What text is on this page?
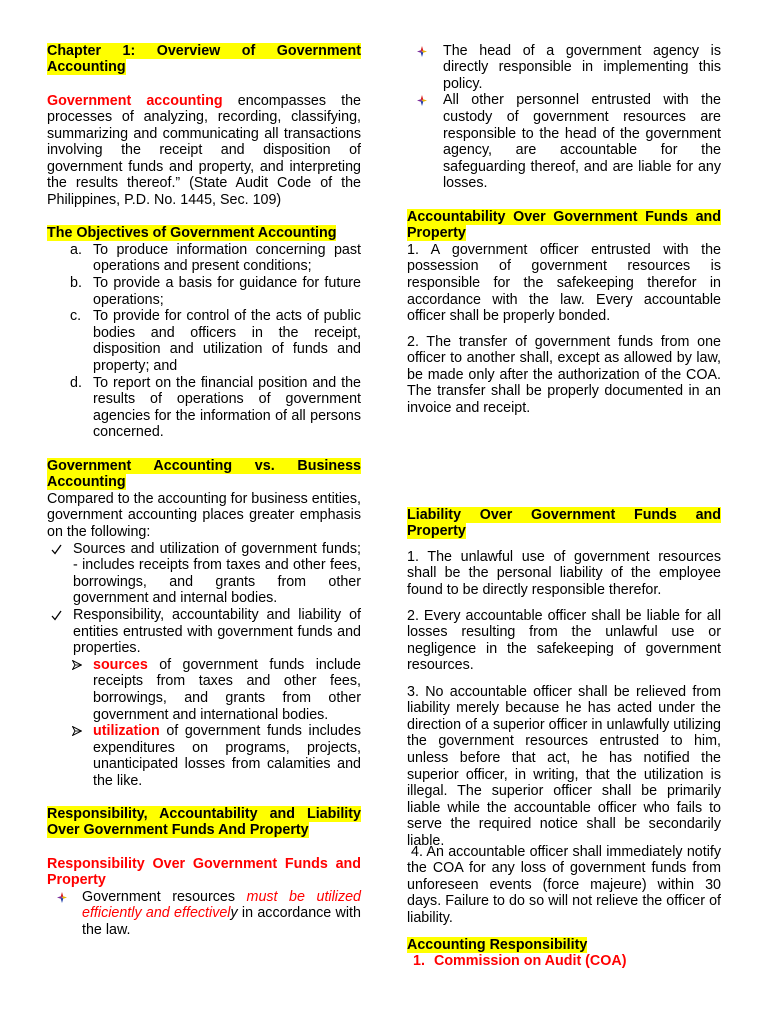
Chapter 1: Overview of Government Accounting

Government accounting encompasses the processes of analyzing, recording, classifying, summarizing and communicating all transactions involving the receipt and disposition of government funds and property, and interpreting the results thereof.” (State Audit Code of the Philippines, P.D. No. 1445, Sec. 109)

The Objectives of Government Accounting
a. To produce information concerning past operations and present conditions;
b. To provide a basis for guidance for future operations;
c. To provide for control of the acts of public bodies and officers in the receipt, disposition and utilization of funds and property; and
d. To report on the financial position and the results of operations of government agencies for the information of all persons concerned.
Government Accounting vs. Business Accounting

Compared to the accounting for business entities, government accounting places greater emphasis on the following:

Sources and utilization of government funds; - includes receipts from taxes and other fees, borrowings, and grants from other government and internal bodies.
Responsibility, accountability and liability of entities entrusted with government funds and properties.
sources of government funds include receipts from taxes and other fees, borrowings, and grants from other government and international bodies.
utilization of government funds includes expenditures on programs, projects, unanticipated losses from calamities and the like.
Responsibility, Accountability and Liability Over Government Funds And Property
Responsibility Over Government Funds and Property
Government resources must be utilized efficiently and effectively in accordance with the law.
The head of a government agency is directly responsible in implementing this policy.
All other personnel entrusted with the custody of government resources are responsible to the head of the government agency, are accountable for the safeguarding thereof, and are liable for any losses.
Accountability Over Government Funds and Property

1. A government officer entrusted with the possession of government resources is responsible for the safekeeping therefor in accordance with the law. Every accountable officer shall be properly bonded.

2. The transfer of government funds from one officer to another shall, except as allowed by law, be made only after the authorization of the COA. The transfer shall be properly documented in an invoice and receipt.

Liability Over Government Funds and Property

1. The unlawful use of government resources shall be the personal liability of the employee found to be directly responsible therefor.

2. Every accountable officer shall be liable for all losses resulting from the unlawful use or negligence in the safekeeping of government resources.

3. No accountable officer shall be relieved from liability merely because he has acted under the direction of a superior officer in unlawfully utilizing the government resources entrusted to him, unless before that act, he has notified the superior officer, in writing, that the utilization is illegal. The superior officer shall be primarily liable while the accountable officer who fails to serve the required notice shall be secondarily liable.

4. An accountable officer shall immediately notify the COA for any loss of government funds from unforeseen events (force majeure) within 30 days. Failure to do so will not relieve the officer of liability.

Accounting Responsibility
1. Commission on Audit (COA)
